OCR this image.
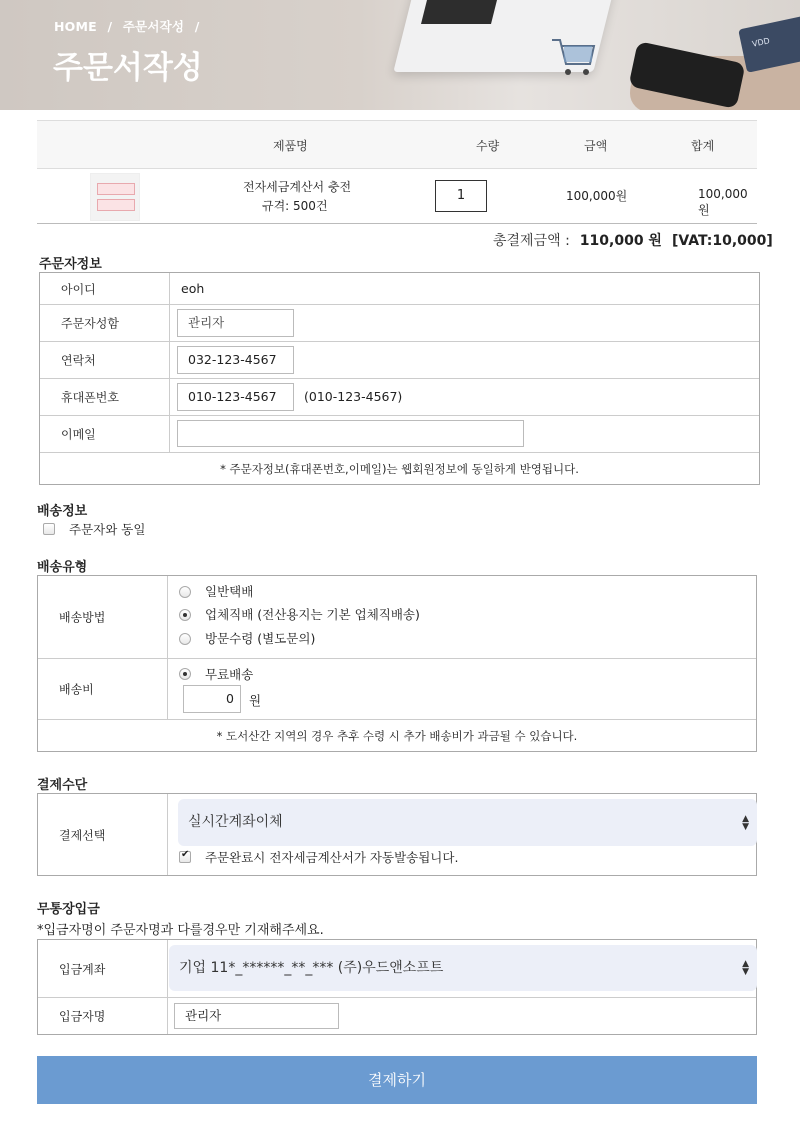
VDD
HOME / 주문서작성 /
주문서작성
제품명	수량	금액	합계
전자세금계산서 충전
규격: 500건
1	100,000원	100,000원
총결제금액 : 110,000 원 [VAT:10,000]
주문자정보
아이디	eoh
주문자성함	관리자
연락처	032-123-4567
휴대폰번호	010-123-4567	(010-123-4567)
이메일
* 주문자정보(휴대폰번호,이메일)는 웹회원정보에 동일하게 반영됩니다.
배송정보
주문자와 동일
배송유형
배송방법
일반택배
업체직배 (전산용지는 기본 업체직배송)
방문수령 (별도문의)
배송비
무료배송
0	원
* 도서산간 지역의 경우 추후 수령 시 추가 배송비가 과금될 수 있습니다.
결제수단
결제선택
실시간계좌이체	▲
▼
✔
주문완료시 전자세금계산서가 자동발송됩니다.
무통장입금
*입금자명이 주문자명과 다를경우만 기재해주세요.
입금계좌	기업 11*_******_**_*** (주)우드앤소프트	▲
▼
입금자명	관리자
결제하기
